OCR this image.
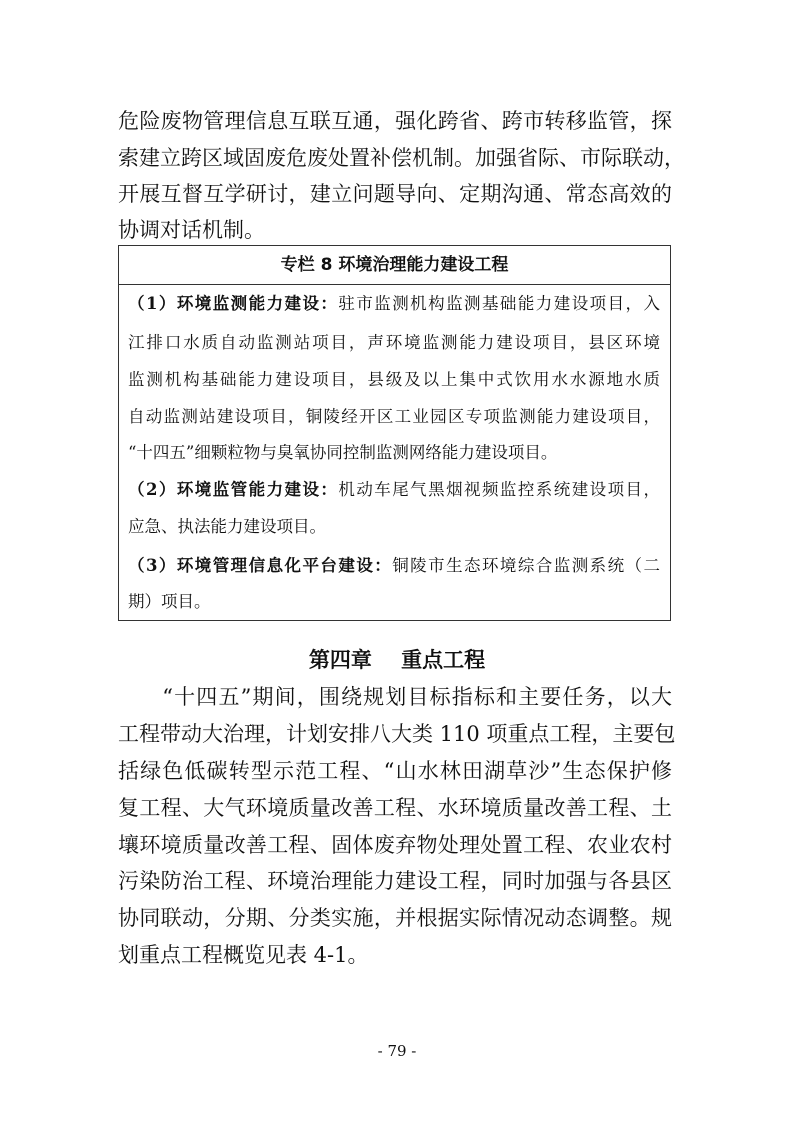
危险废物管理信息互联互通，强化跨省、跨市转移监管，探
索建立跨区域固废危废处置补偿机制。加强省际、市际联动，
开展互督互学研讨，建立问题导向、定期沟通、常态高效的
协调对话机制。
专栏 8 环境治理能力建设工程
（1）环境监测能力建设：驻市监测机构监测基础能力建设项目，入
江排口水质自动监测站项目，声环境监测能力建设项目，县区环境
监测机构基础能力建设项目，县级及以上集中式饮用水水源地水质
自动监测站建设项目，铜陵经开区工业园区专项监测能力建设项目，
“十四五”细颗粒物与臭氧协同控制监测网络能力建设项目。
（2）环境监管能力建设：机动车尾气黑烟视频监控系统建设项目，
应急、执法能力建设项目。
（3）环境管理信息化平台建设：铜陵市生态环境综合监测系统（二
期）项目。
第四章    重点工程
　　“十四五”期间，围绕规划目标指标和主要任务，以大
工程带动大治理，计划安排八大类 110 项重点工程，主要包
括绿色低碳转型示范工程、“山水林田湖草沙”生态保护修
复工程、大气环境质量改善工程、水环境质量改善工程、土
壤环境质量改善工程、固体废弃物处理处置工程、农业农村
污染防治工程、环境治理能力建设工程，同时加强与各县区
协同联动，分期、分类实施，并根据实际情况动态调整。规
划重点工程概览见表 4-1。
- 79 -
